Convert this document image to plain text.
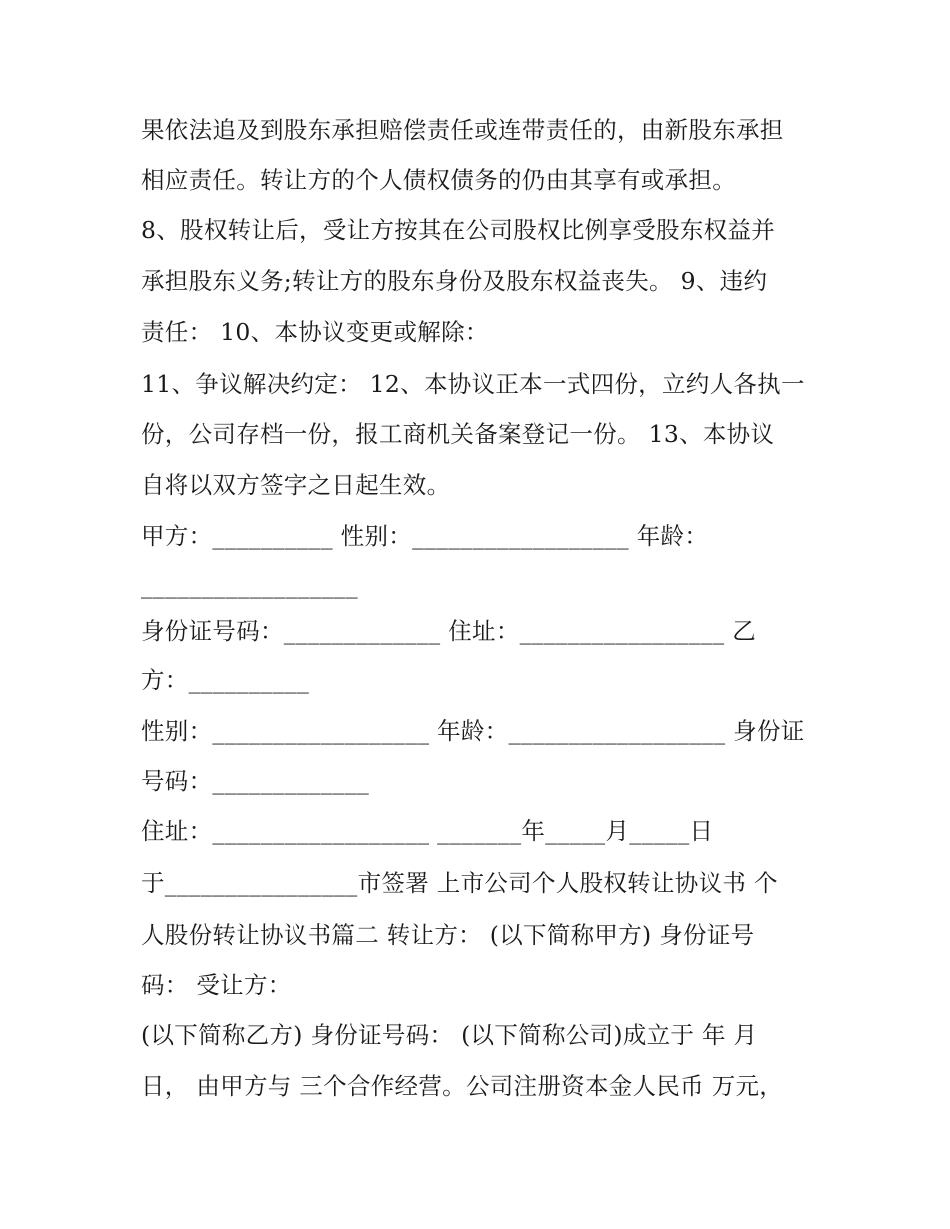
果依法追及到股东承担赔偿责任或连带责任的，由新股东承担
相应责任。转让方的个人债权债务的仍由其享有或承担。
8、股权转让后，受让方按其在公司股权比例享受股东权益并
承担股东义务;转让方的股东身份及股东权益丧失。 9、违约
责任： 10、本协议变更或解除：
11、争议解决约定： 12、本协议正本一式四份，立约人各执一
份，公司存档一份，报工商机关备案登记一份。 13、本协议
自将以双方签字之日起生效。
甲方：__________ 性别：__________________ 年龄：
__________________
身份证号码：_____________ 住址：_________________ 乙
方：__________
性别：__________________ 年龄：__________________ 身份证
号码：_____________
住址：__________________ _______年_____月_____日
于________________市签署 上市公司个人股权转让协议书 个
人股份转让协议书篇二 转让方： (以下简称甲方) 身份证号
码： 受让方：
(以下简称乙方) 身份证号码： (以下简称公司)成立于 年 月
日， 由甲方与 三个合作经营。公司注册资本金人民币 万元，
